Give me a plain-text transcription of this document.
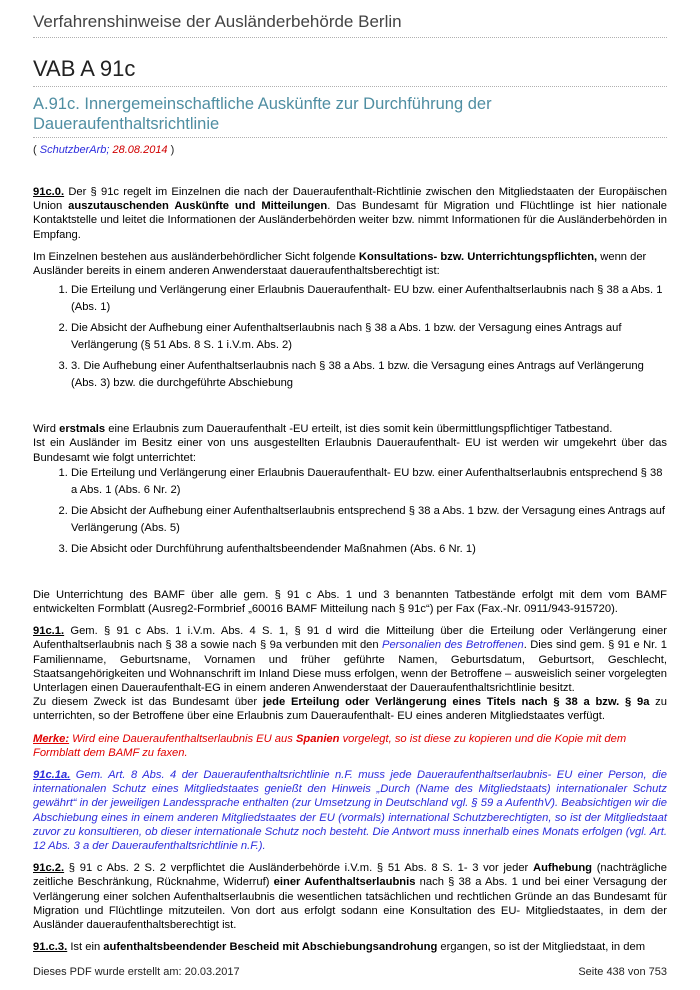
Verfahrenshinweise der Ausländerbehörde Berlin
VAB A 91c
A.91c. Innergemeinschaftliche Auskünfte zur Durchführung der Daueraufenthaltsrichtlinie
( SchutzberArb; 28.08.2014 )

91c.0. Der § 91c regelt im Einzelnen die nach der Daueraufenthalt-Richtlinie zwischen den Mitgliedstaaten der Europäischen Union auszutauschenden Auskünfte und Mitteilungen. Das Bundesamt für Migration und Flüchtlinge ist hier nationale Kontaktstelle und leitet die Informationen der Ausländerbehörden weiter bzw. nimmt Informationen für die Ausländerbehörden in Empfang.

Im Einzelnen bestehen aus ausländerbehördlicher Sicht folgende Konsultations- bzw. Unterrichtungspflichten, wenn der Ausländer bereits in einem anderen Anwenderstaat daueraufenthaltsberechtigt ist:

1. Die Erteilung und Verlängerung einer Erlaubnis Daueraufenthalt- EU bzw. einer Aufenthaltserlaubnis nach § 38 a Abs. 1 (Abs. 1)
2. Die Absicht der Aufhebung einer Aufenthaltserlaubnis nach § 38 a Abs. 1 bzw. der Versagung eines Antrags auf Verlängerung (§ 51 Abs. 8 S. 1 i.V.m. Abs. 2)
3. 3. Die Aufhebung einer Aufenthaltserlaubnis nach § 38 a Abs. 1 bzw. die Versagung eines Antrags auf Verlängerung (Abs. 3) bzw. die durchgeführte Abschiebung

Wird erstmals eine Erlaubnis zum Daueraufenthalt -EU erteilt, ist dies somit kein übermittlungspflichtiger Tatbestand.

Ist ein Ausländer im Besitz einer von uns ausgestellten Erlaubnis Daueraufenthalt- EU ist werden wir umgekehrt über das Bundesamt wie folgt unterrichtet:

1. Die Erteilung und Verlängerung einer Erlaubnis Daueraufenthalt- EU bzw. einer Aufenthaltserlaubnis entsprechend § 38 a Abs. 1 (Abs. 6 Nr. 2)
2. Die Absicht der Aufhebung einer Aufenthaltserlaubnis entsprechend § 38 a Abs. 1 bzw. der Versagung eines Antrags auf Verlängerung (Abs. 5)
3. Die Absicht oder Durchführung aufenthaltsbeendender Maßnahmen (Abs. 6 Nr. 1)

Die Unterrichtung des BAMF über alle gem. § 91 c Abs. 1 und 3 benannten Tatbestände erfolgt mit dem vom BAMF entwickelten Formblatt (Ausreg2-Formbrief „60016 BAMF Mitteilung nach § 91c“) per Fax (Fax.-Nr. 0911/943-915720).

91c.1. Gem. § 91 c Abs. 1 i.V.m. Abs. 4 S. 1, § 91 d wird die Mitteilung über die Erteilung oder Verlängerung einer Aufenthaltserlaubnis nach § 38 a sowie nach § 9a verbunden mit den Personalien des Betroffenen. Dies sind gem. § 91 e Nr. 1 Familienname, Geburtsname, Vornamen und früher geführte Namen, Geburtsdatum, Geburtsort, Geschlecht, Staatsangehörigkeiten und Wohnanschrift im Inland Diese muss erfolgen, wenn der Betroffene – ausweislich seiner vorgelegten Unterlagen einen Daueraufenthalt-EG in einem anderen Anwenderstaat der Daueraufenthaltsrichtlinie besitzt.

Zu diesem Zweck ist das Bundesamt über jede Erteilung oder Verlängerung eines Titels nach § 38 a bzw. § 9a zu unterrichten, so der Betroffene über eine Erlaubnis zum Daueraufenthalt- EU eines anderen Mitgliedstaates verfügt.

Merke: Wird eine Daueraufenthaltserlaubnis EU aus Spanien vorgelegt, so ist diese zu kopieren und die Kopie mit dem Formblatt dem BAMF zu faxen.

91c.1a. Gem. Art. 8 Abs. 4 der Daueraufenthaltsrichtlinie n.F. muss jede Daueraufenthaltserlaubnis- EU einer Person, die internationalen Schutz eines Mitgliedstaates genießt den Hinweis „Durch (Name des Mitgliedstaats) internationaler Schutz gewährt“ in der jeweiligen Landessprache enthalten (zur Umsetzung in Deutschland vgl. § 59 a AufenthV). Beabsichtigen wir die Abschiebung eines in einem anderen Mitgliedstaates der EU (vormals) international Schutzberechtigten, so ist der Mitgliedstaat zuvor zu konsultieren, ob dieser internationale Schutz noch besteht. Die Antwort muss innerhalb eines Monats erfolgen (vgl. Art. 12 Abs. 3 a der Daueraufenthaltsrichtlinie n.F.).

91c.2. § 91 c Abs. 2 S. 2 verpflichtet die Ausländerbehörde i.V.m. § 51 Abs. 8 S. 1- 3 vor jeder Aufhebung (nachträgliche zeitliche Beschränkung, Rücknahme, Widerruf) einer Aufenthaltserlaubnis nach § 38 a Abs. 1 und bei einer Versagung der Verlängerung einer solchen Aufenthaltserlaubnis die wesentlichen tatsächlichen und rechtlichen Gründe an das Bundesamt für Migration und Flüchtlinge mitzuteilen. Von dort aus erfolgt sodann eine Konsultation des EU- Mitgliedstaates, in dem der Ausländer daueraufenthaltsberechtigt ist.

91.c.3. Ist ein aufenthaltsbeendender Bescheid mit Abschiebungsandrohung ergangen, so ist der Mitgliedstaat, in dem

Dieses PDF wurde erstellt am: 20.03.2017	Seite 438 von 753
